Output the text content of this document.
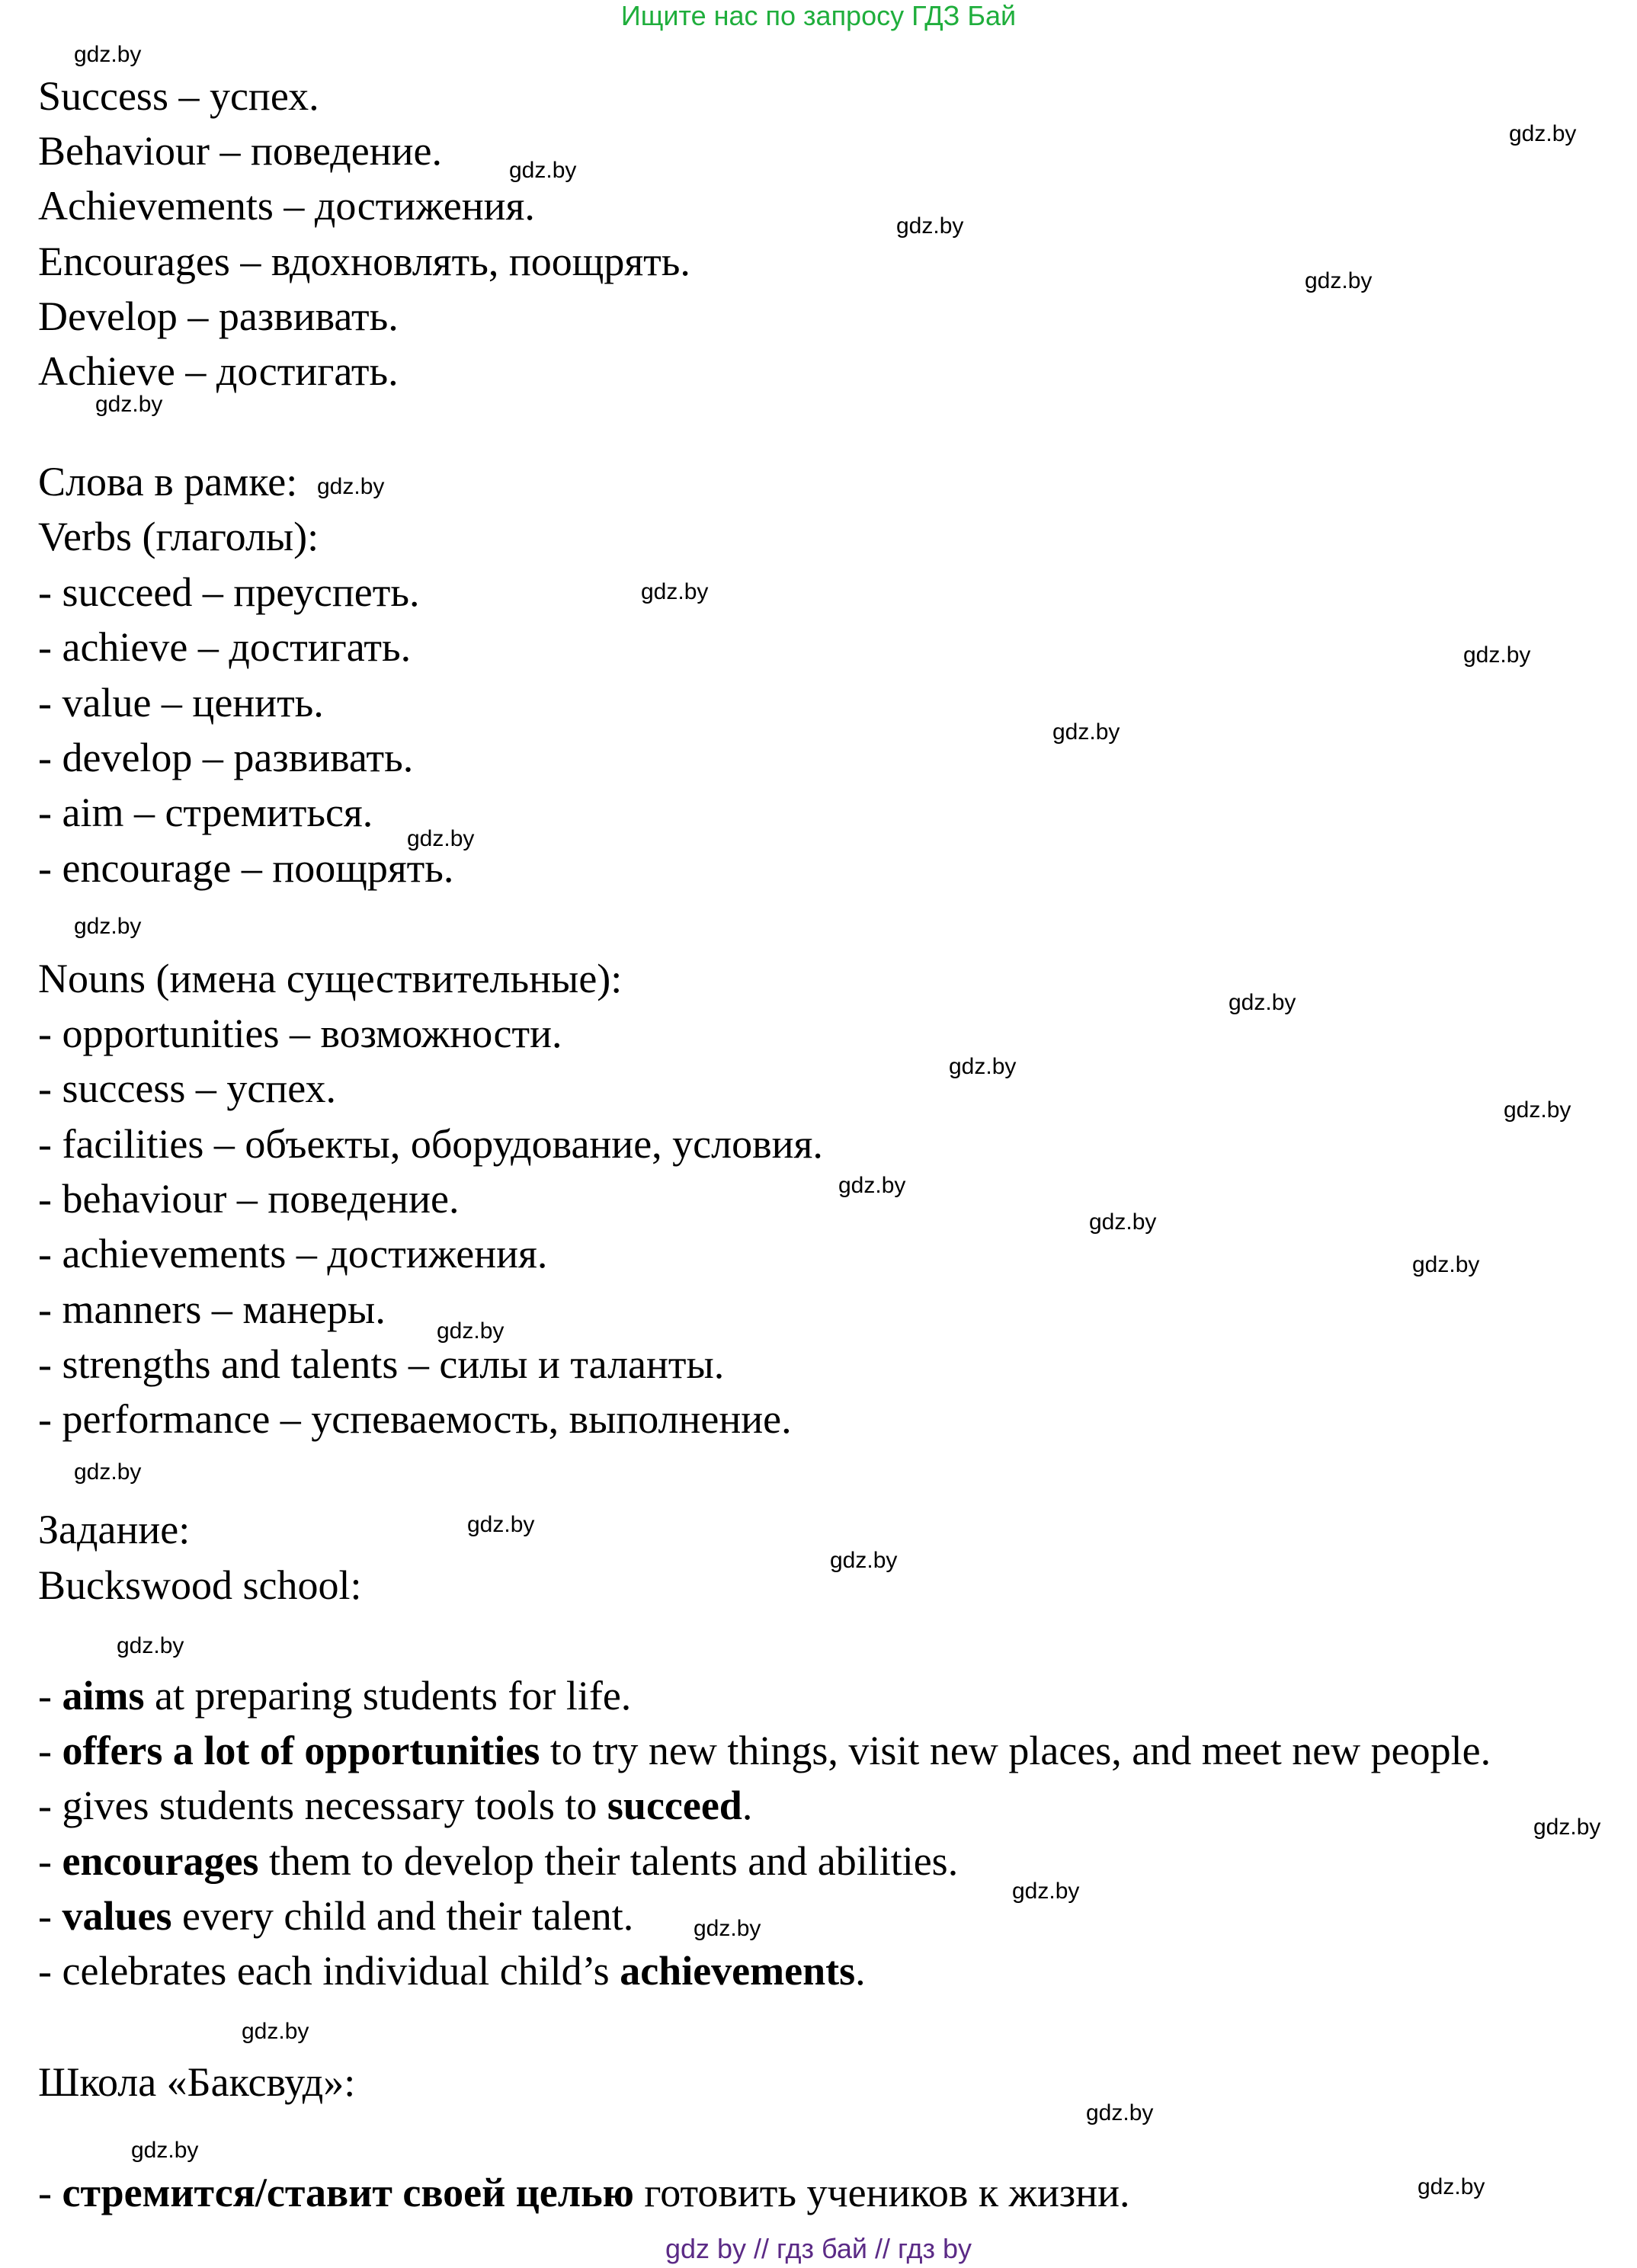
Ищите нас по запросу ГДЗ Бай

Success – успех.

Behaviour – поведение.

Achievements – достижения.

Encourages – вдохновлять, поощрять.

Develop – развивать.

Achieve – достигать.

Слова в рамке:

Verbs (глаголы):

- succeed – преуспеть.

- achieve – достигать.

- value – ценить.

- develop – развивать.

- aim – стремиться.

- encourage – поощрять.

Nouns (имена существительные):

- opportunities – возможности.

- success – успех.

- facilities – объекты, оборудование, условия.

- behaviour – поведение.

- achievements – достижения.

- manners – манеры.

- strengths and talents – силы и таланты.

- performance – успеваемость, выполнение.

Задание:

Buckswood school:

- aims at preparing students for life.

- offers a lot of opportunities to try new things, visit new places, and meet new people.

- gives students necessary tools to succeed.

- encourages them to develop their talents and abilities.

- values every child and their talent.

- celebrates each individual child’s achievements.

Школа «Баксвуд»:

- стремится/ставит своей целью готовить учеников к жизни.

gdz.by
gdz.by
gdz.by
gdz.by
gdz.by
gdz.by
gdz.by
gdz.by
gdz.by
gdz.by
gdz.by
gdz.by
gdz.by
gdz.by
gdz.by
gdz.by
gdz.by
gdz.by
gdz.by
gdz.by
gdz.by
gdz.by
gdz.by
gdz.by
gdz.by
gdz.by
gdz.by
gdz.by
gdz.by
gdz.by
gdz by // гдз бай // гдз by
